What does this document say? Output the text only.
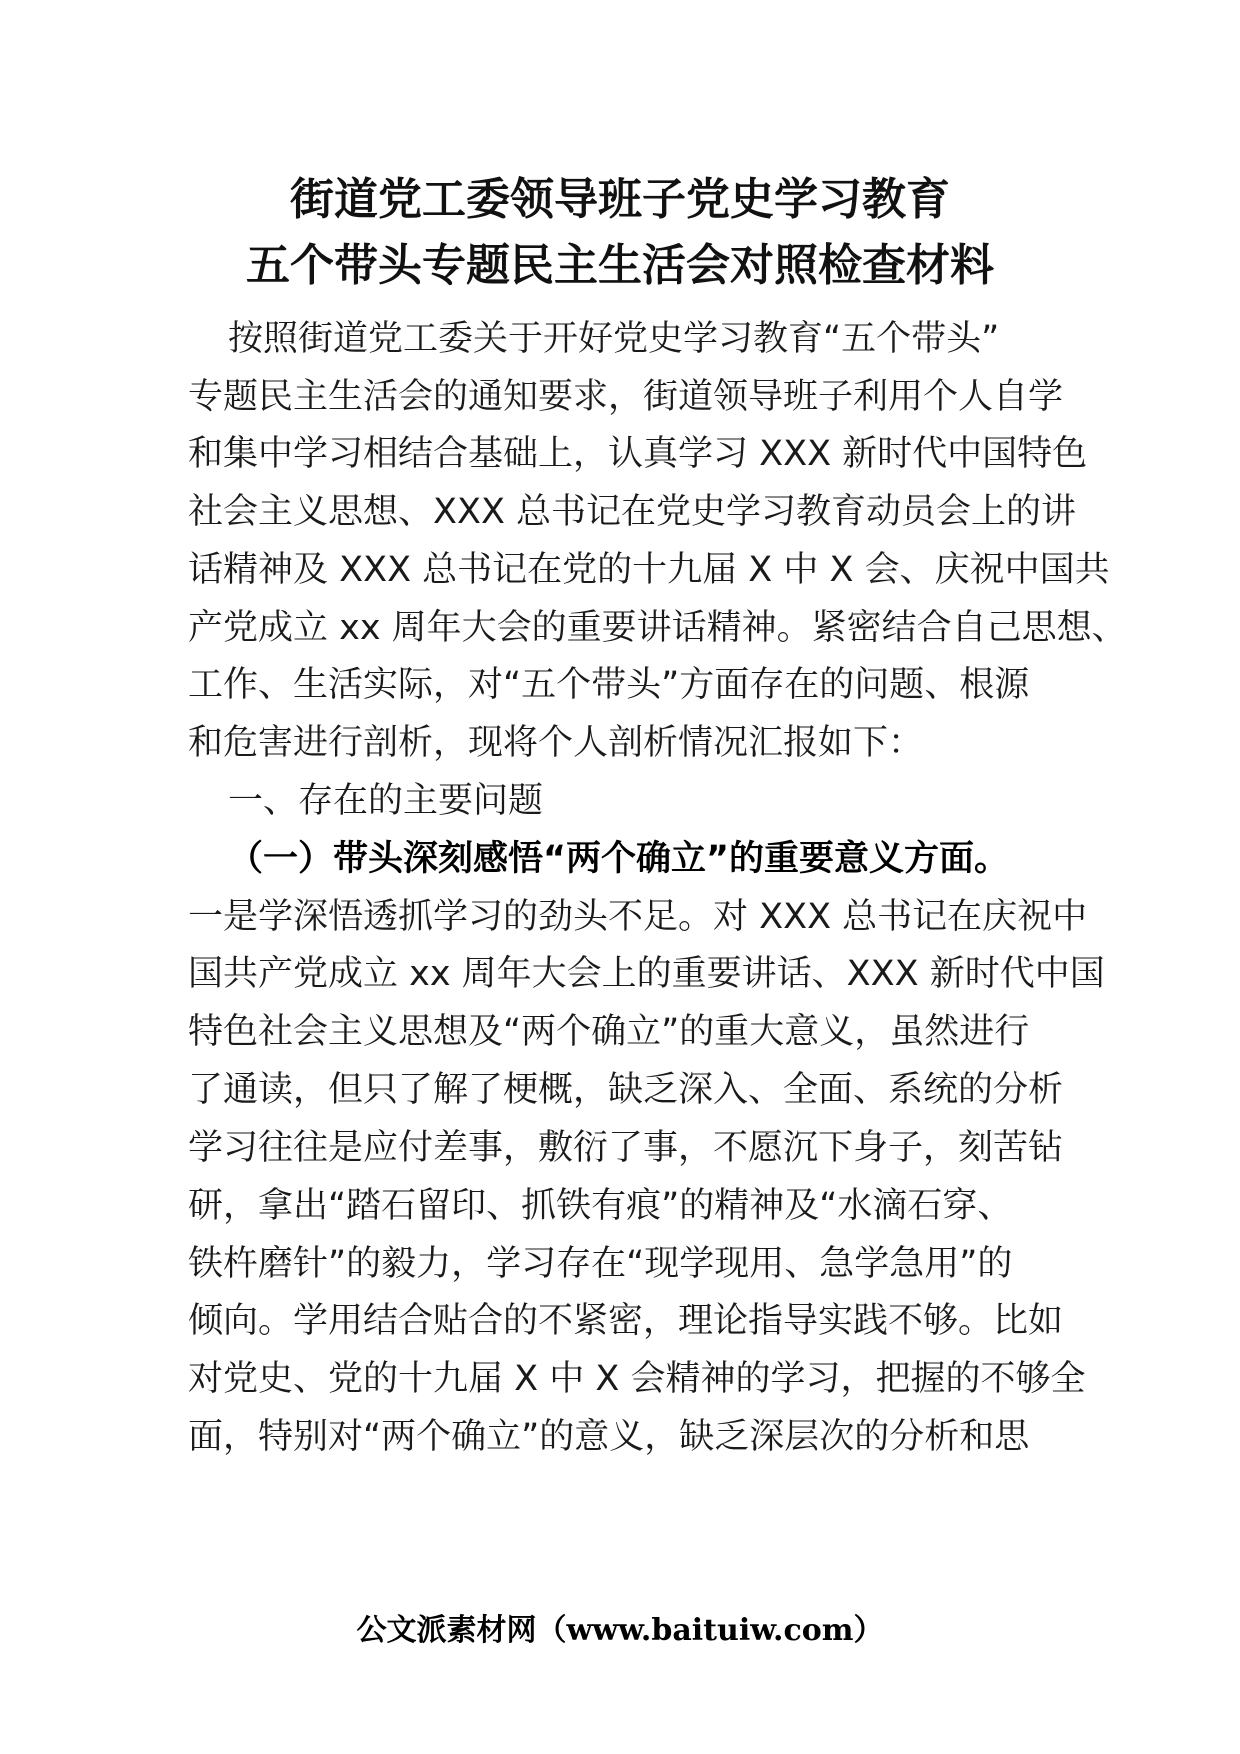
街道党工委领导班子党史学习教育
五个带头专题民主生活会对照检查材料

按照街道党工委关于开好党史学习教育“五个带头”

专题民主生活会的通知要求，街道领导班子利用个人自学

和集中学习相结合基础上，认真学习 XXX 新时代中国特色

社会主义思想、XXX 总书记在党史学习教育动员会上的讲

话精神及 XXX 总书记在党的十九届 X 中 X 会、庆祝中国共

产党成立 xx 周年大会的重要讲话精神。紧密结合自己思想、

工作、生活实际，对“五个带头”方面存在的问题、根源

和危害进行剖析，现将个人剖析情况汇报如下：

一、存在的主要问题

（一）带头深刻感悟“两个确立”的重要意义方面。

一是学深悟透抓学习的劲头不足。对 XXX 总书记在庆祝中

国共产党成立 xx 周年大会上的重要讲话、XXX 新时代中国

特色社会主义思想及“两个确立”的重大意义，虽然进行

了通读，但只了解了梗概，缺乏深入、全面、系统的分析

学习往往是应付差事，敷衍了事，不愿沉下身子，刻苦钻

研，拿出“踏石留印、抓铁有痕”的精神及“水滴石穿、

铁杵磨针”的毅力，学习存在“现学现用、急学急用”的

倾向。学用结合贴合的不紧密，理论指导实践不够。比如

对党史、党的十九届 X 中 X 会精神的学习，把握的不够全

面，特别对“两个确立”的意义，缺乏深层次的分析和思

公文派素材网（www.baituiw.com）
